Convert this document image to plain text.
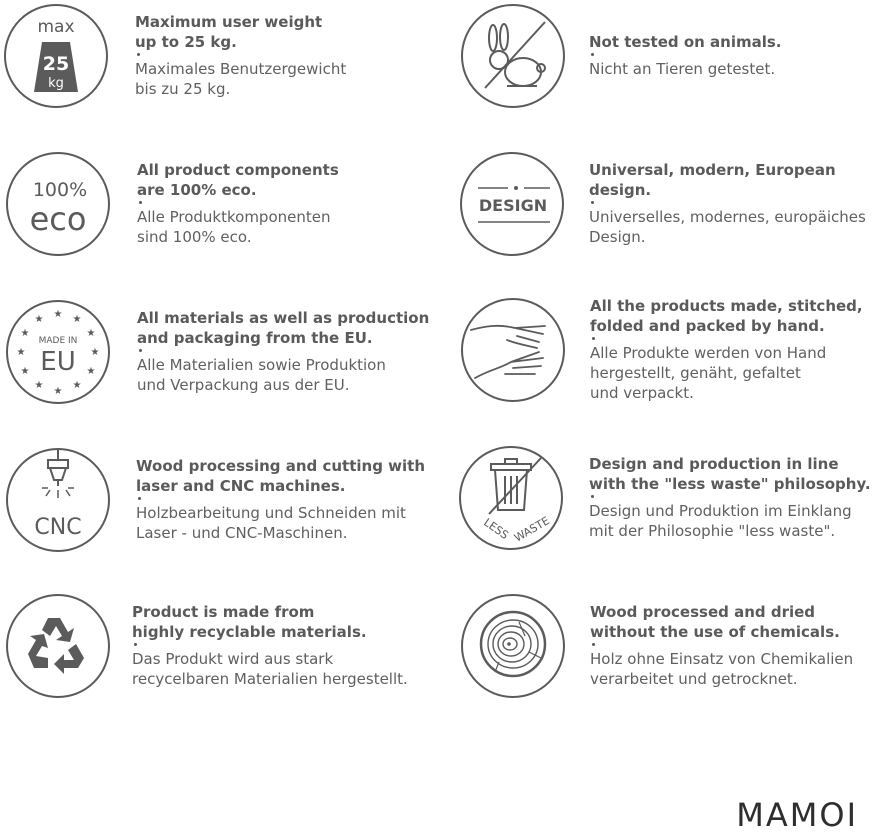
max
25
kg
Maximum user weight
up to 25 kg.
Maximales Benutzergewicht
bis zu 25 kg.
Not tested on animals.
Nicht an Tieren getestet.
100%
eco
All product components
are 100% eco.
Alle Produktkomponenten
sind 100% eco.
DESIGN
Universal, modern, European
design.
Universelles, modernes, europäiches
Design.
★ ★
★
★
★
★
★
★
★
★
★
★
MADE IN
EU
All materials as well as production
and packaging from the EU.
Alle Materialien sowie Produktion
und Verpackung aus der EU.
All the products made, stitched,
folded and packed by hand.
Alle Produkte werden von Hand
hergestellt, genäht, gefaltet
und verpackt.
CNC
Wood processing and cutting with
laser and CNC machines.
Holzbearbeitung und Schneiden mit
Laser - und CNC-Maschinen.	LESS WASTE
Design and production in line
with the "less waste" philosophy.
Design und Produktion im Einklang
mit der Philosophie "less waste".
Product is made from
highly recyclable materials.
Das Produkt wird aus stark
recycelbaren Materialien hergestellt.
Wood processed and dried
without the use of chemicals.
Holz ohne Einsatz von Chemikalien
verarbeitet und getrocknet.
MAMOI
